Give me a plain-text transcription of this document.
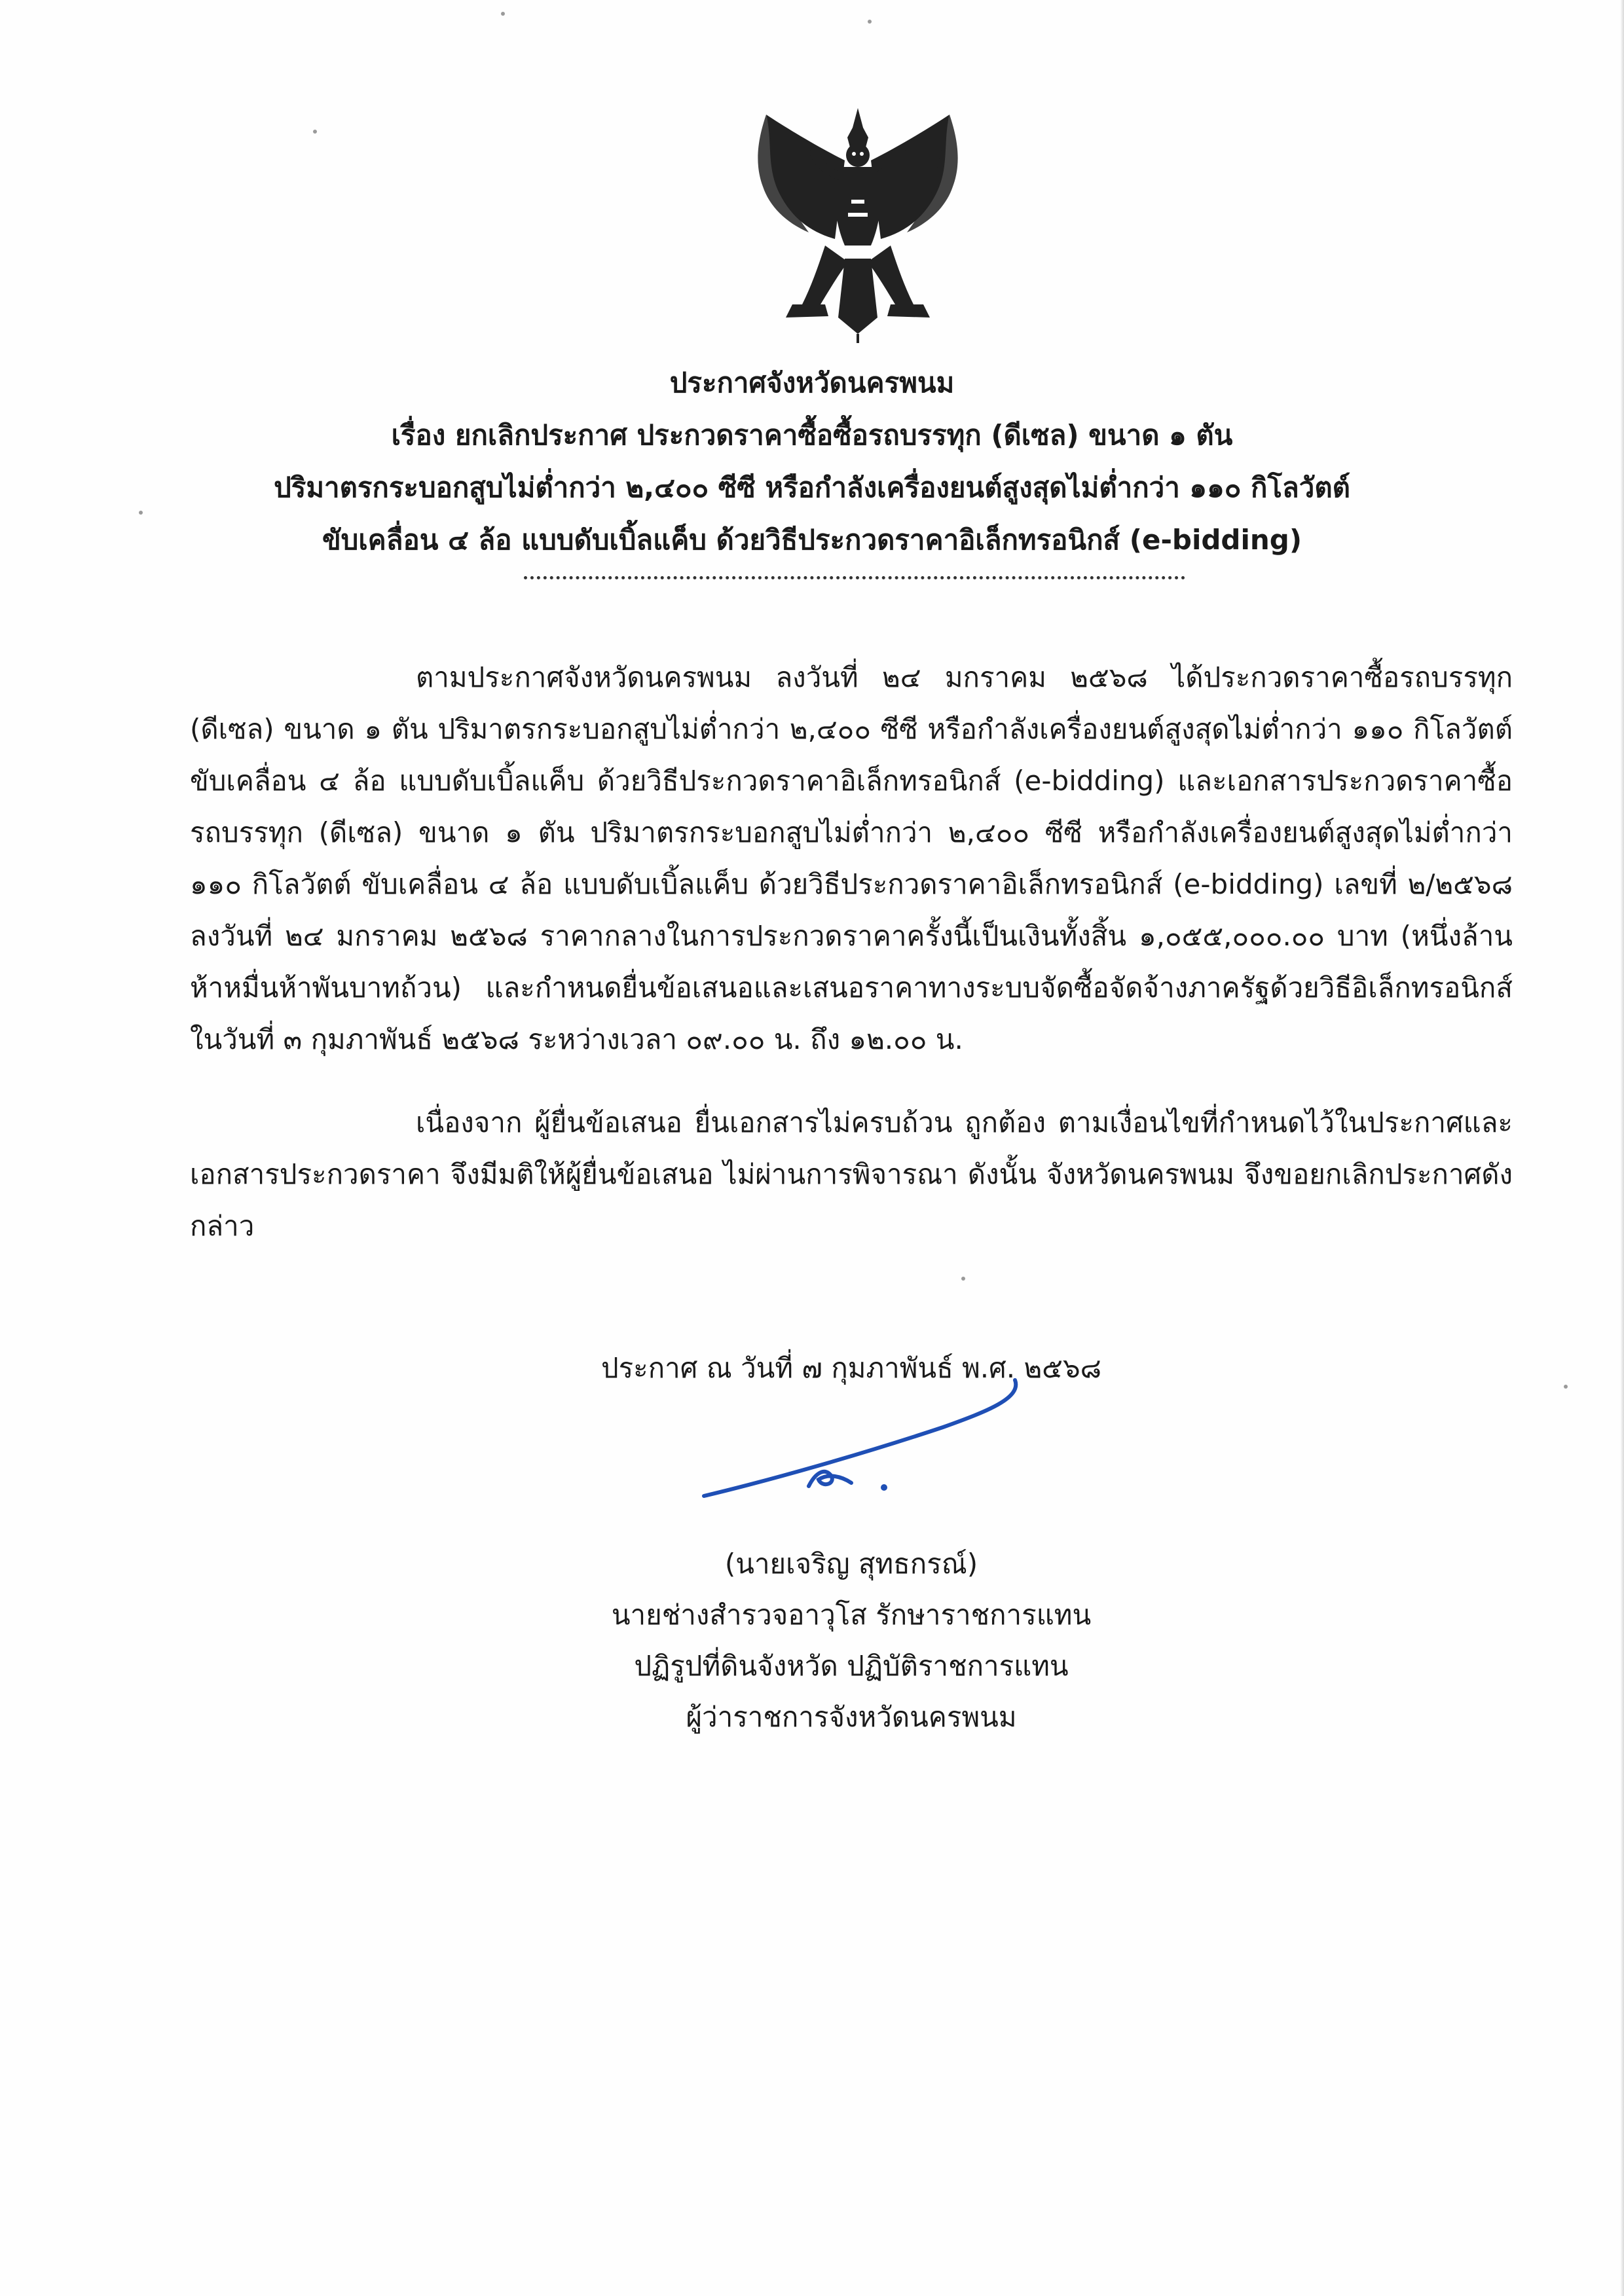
ประกาศจังหวัดนครพนม
เรื่อง ยกเลิกประกาศ ประกวดราคาซื้อซื้อรถบรรทุก (ดีเซล) ขนาด ๑ ตัน
ปริมาตรกระบอกสูบไม่ต่ำกว่า ๒,๔๐๐ ซีซี หรือกำลังเครื่องยนต์สูงสุดไม่ต่ำกว่า ๑๑๐ กิโลวัตต์
ขับเคลื่อน ๔ ล้อ แบบดับเบิ้ลแค็บ ด้วยวิธีประกวดราคาอิเล็กทรอนิกส์ (e-bidding)
ตามประกาศจังหวัดนครพนม ลงวันที่ ๒๔ มกราคม ๒๕๖๘ ได้ประกวดราคาซื้อรถบรรทุก (ดีเซล) ขนาด ๑ ตัน ปริมาตรกระบอกสูบไม่ต่ำกว่า ๒,๔๐๐ ซีซี หรือกำลังเครื่องยนต์สูงสุดไม่ต่ำกว่า ๑๑๐ กิโลวัตต์ ขับเคลื่อน ๔ ล้อ แบบดับเบิ้ลแค็บ ด้วยวิธีประกวดราคาอิเล็กทรอนิกส์ (e-bidding) และเอกสารประกวดราคาซื้อรถบรรทุก (ดีเซล) ขนาด ๑ ตัน ปริมาตรกระบอกสูบไม่ต่ำกว่า ๒,๔๐๐ ซีซี หรือกำลังเครื่องยนต์สูงสุดไม่ต่ำกว่า ๑๑๐ กิโลวัตต์ ขับเคลื่อน ๔ ล้อ แบบดับเบิ้ลแค็บ ด้วยวิธีประกวดราคาอิเล็กทรอนิกส์ (e-bidding) เลขที่ ๒/๒๕๖๘ ลงวันที่ ๒๔ มกราคม ๒๕๖๘ ราคากลางในการประกวดราคาครั้งนี้เป็นเงินทั้งสิ้น ๑,๐๕๕,๐๐๐.๐๐ บาท (หนึ่งล้านห้าหมื่นห้าพันบาทถ้วน) และกำหนดยื่นข้อเสนอและเสนอราคาทางระบบจัดซื้อจัดจ้างภาครัฐด้วยวิธีอิเล็กทรอนิกส์ ในวันที่ ๓ กุมภาพันธ์ ๒๕๖๘ ระหว่างเวลา ๐๙.๐๐ น. ถึง ๑๒.๐๐ น.
เนื่องจาก ผู้ยื่นข้อเสนอ ยื่นเอกสารไม่ครบถ้วน ถูกต้อง ตามเงื่อนไขที่กำหนดไว้ในประกาศและเอกสารประกวดราคา จึงมีมติให้ผู้ยื่นข้อเสนอ ไม่ผ่านการพิจารณา ดังนั้น จังหวัดนครพนม จึงขอยกเลิกประกาศดังกล่าว
ประกาศ ณ วันที่ ๗ กุมภาพันธ์ พ.ศ. ๒๕๖๘
(นายเจริญ สุทธกรณ์)
นายช่างสำรวจอาวุโส รักษาราชการแทน
ปฏิรูปที่ดินจังหวัด ปฏิบัติราชการแทน
ผู้ว่าราชการจังหวัดนครพนม
